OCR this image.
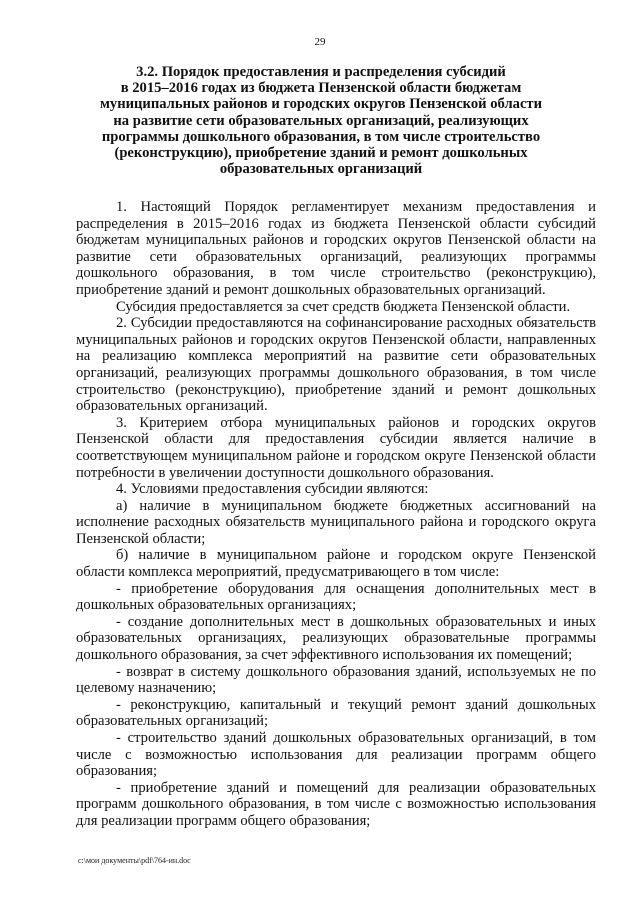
29
3.2. Порядок предоставления и распределения субсидий
в 2015–2016 годах из бюджета Пензенской области бюджетам
муниципальных районов и городских округов Пензенской области
на развитие сети образовательных организаций, реализующих
программы дошкольного образования, в том числе строительство
(реконструкцию), приобретение зданий и ремонт дошкольных
образовательных организаций

1. Настоящий Порядок регламентирует механизм предоставления и распределения в 2015–2016 годах из бюджета Пензенской области субсидий бюджетам муниципальных районов и городских округов Пензенской области на развитие сети образовательных организаций, реализующих программы дошкольного образования, в том числе строительство (реконструкцию), приобретение зданий и ремонт дошкольных образовательных организаций.

Субсидия предоставляется за счет средств бюджета Пензенской области.

2. Субсидии предоставляются на софинансирование расходных обязательств муниципальных районов и городских округов Пензенской области, направленных на реализацию комплекса мероприятий на развитие сети образовательных организаций, реализующих программы дошкольного образования, в том числе строительство (реконструкцию), приобретение зданий и ремонт дошкольных образовательных организаций.

3. Критерием отбора муниципальных районов и городских округов Пензенской области для предоставления субсидии является наличие в соответствующем муниципальном районе и городском округе Пензенской области потребности в увеличении доступности дошкольного образования.

4. Условиями предоставления субсидии являются:

а) наличие в муниципальном бюджете бюджетных ассигнований на исполнение расходных обязательств муниципального района и городского округа Пензенской области;

б) наличие в муниципальном районе и городском округе Пензенской области комплекса мероприятий, предусматривающего в том числе:

- приобретение оборудования для оснащения дополнительных мест в дошкольных образовательных организациях;

- создание дополнительных мест в дошкольных образовательных и иных образовательных организациях, реализующих образовательные программы дошкольного образования, за счет эффективного использования их помещений;

- возврат в систему дошкольного образования зданий, используемых не по целевому назначению;

- реконструкцию, капитальный и текущий ремонт зданий дошкольных образовательных организаций;

- строительство зданий дошкольных образовательных организаций, в том числе с возможностью использования для реализации программ общего образования;

- приобретение зданий и помещений для реализации образовательных программ дошкольного образования, в том числе с возможностью использования для реализации программ общего образования;

c:\мои документы\pdf\764-ин.doc
